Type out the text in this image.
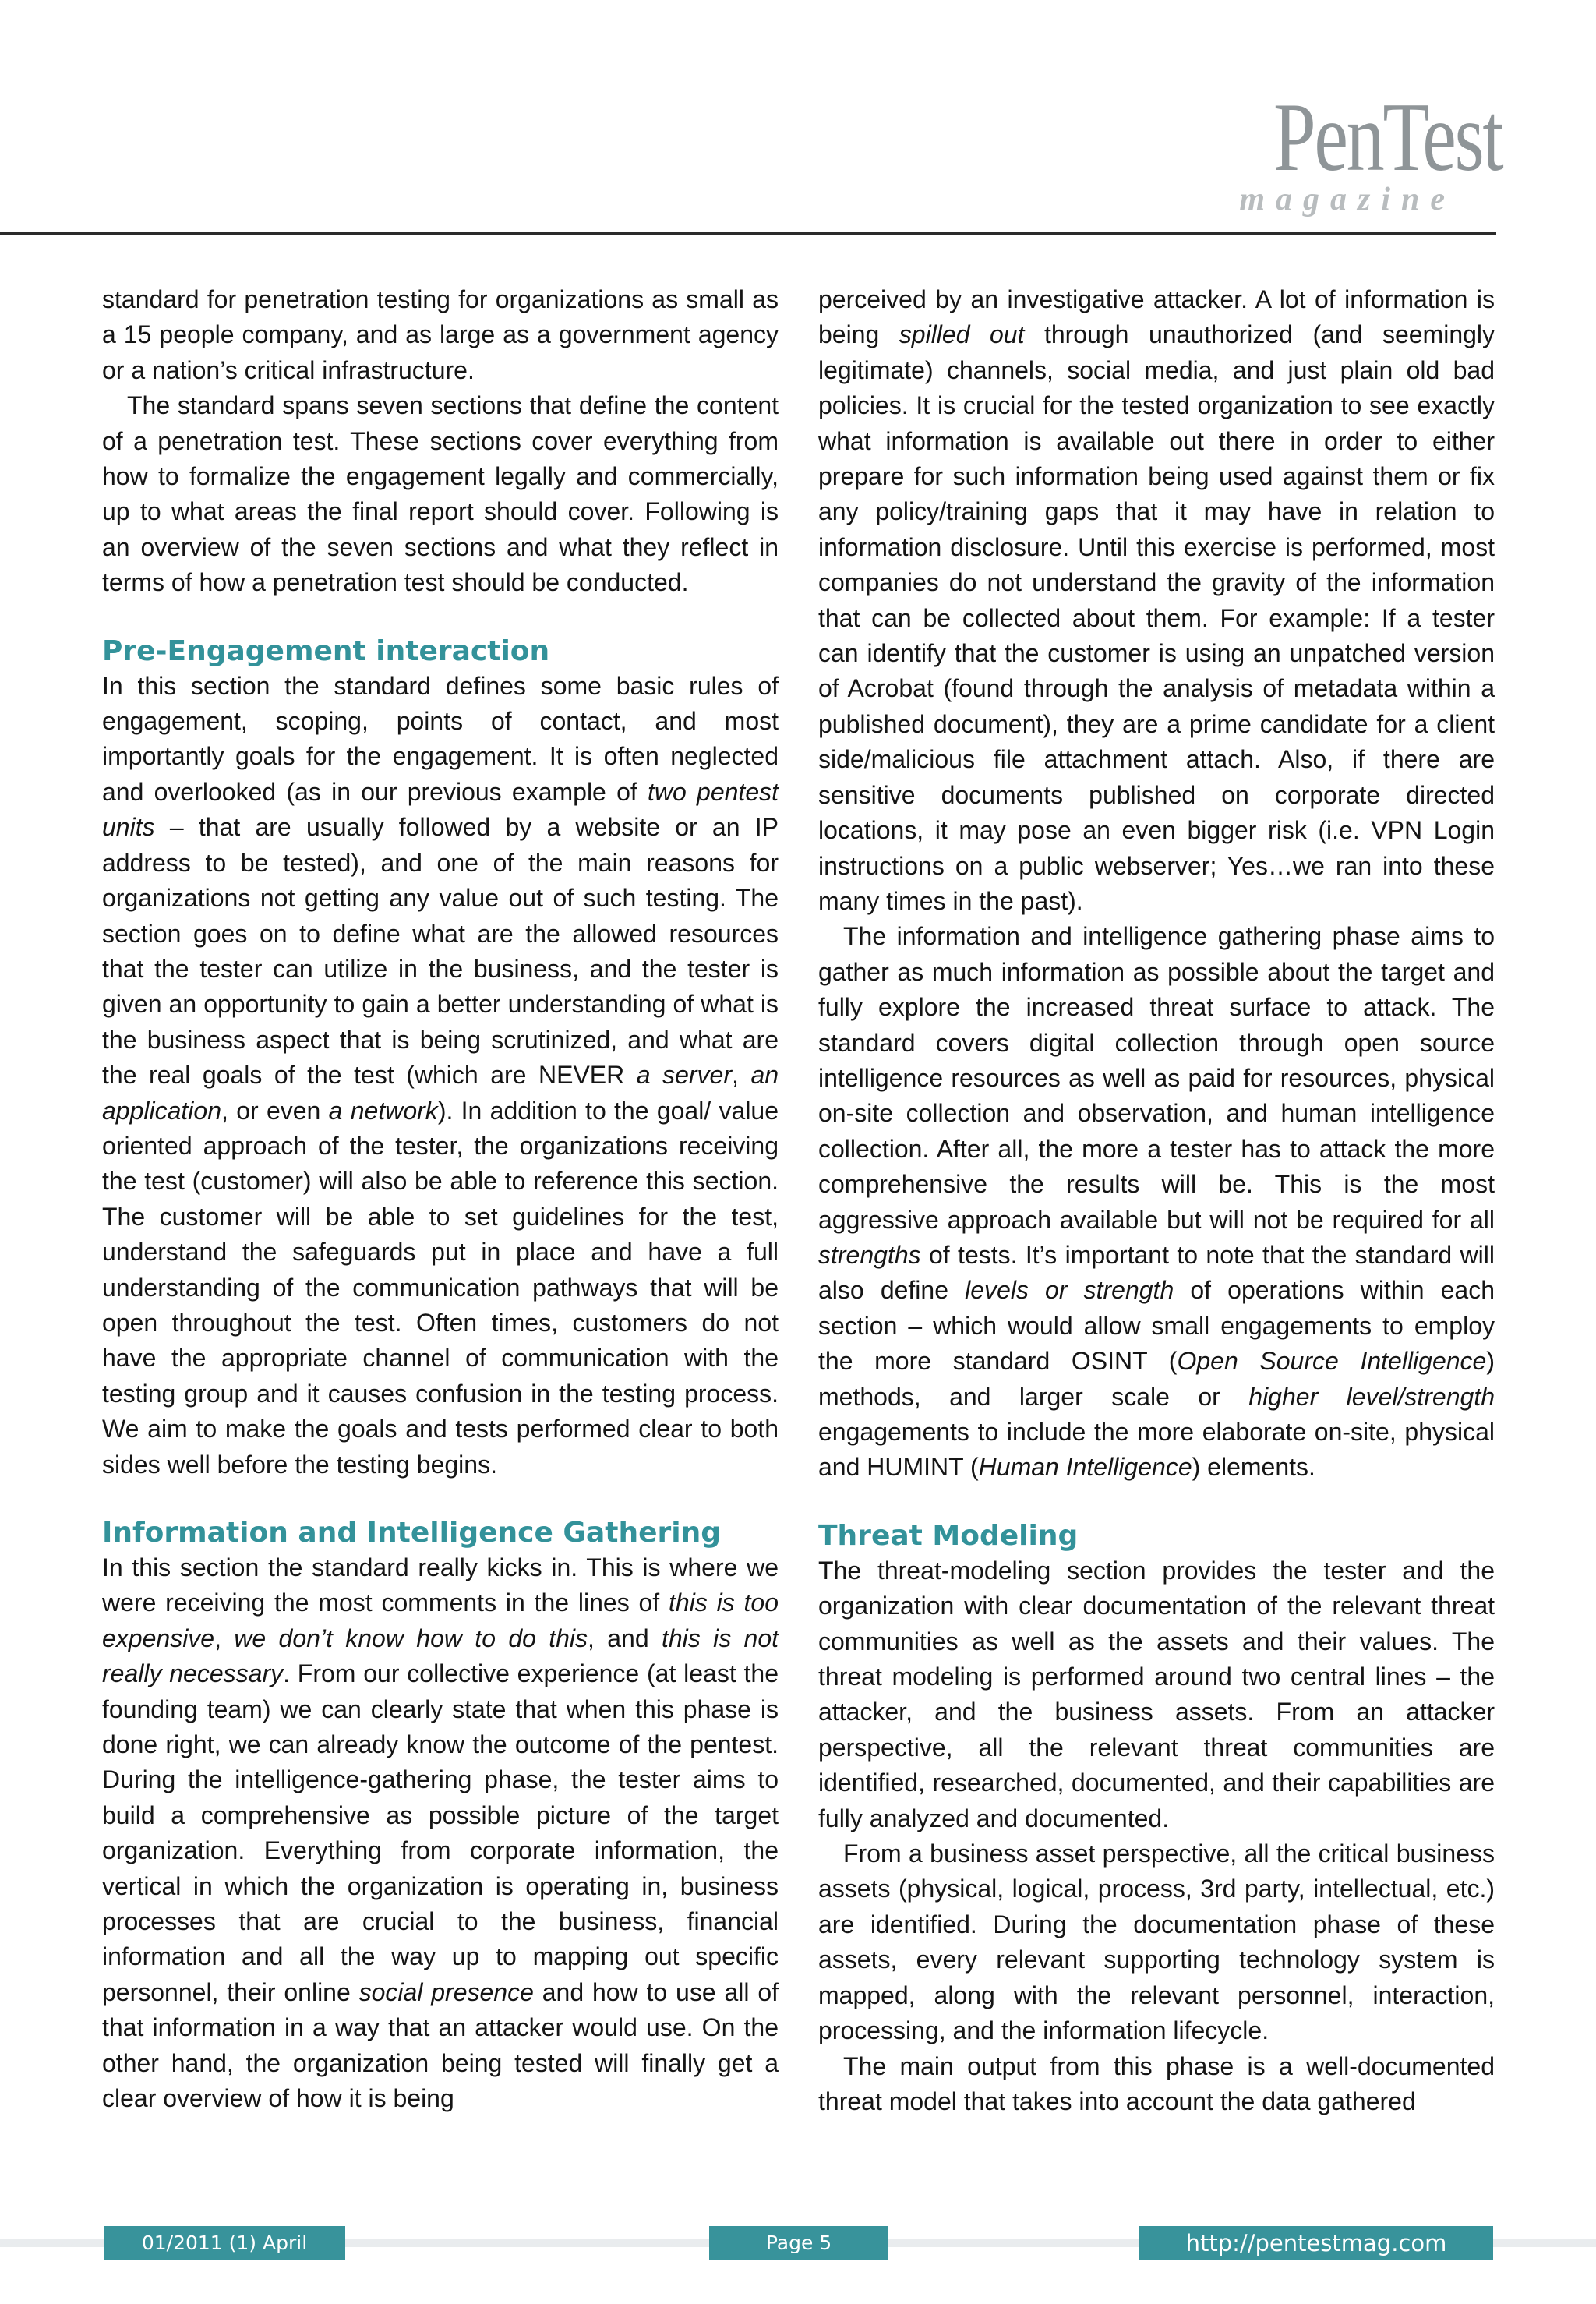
PenTest
magazine

standard for penetration testing for organizations as small as a 15 people company, and as large as a government agency or a nation’s critical infrastructure.

The standard spans seven sections that define the content of a penetration test. These sections cover everything from how to formalize the engagement legally and commercially, up to what areas the final report should cover. Following is an overview of the seven sections and what they reflect in terms of how a penetration test should be conducted.

Pre-Engagement interaction

In this section the standard defines some basic rules of engagement, scoping, points of contact, and most importantly goals for the engagement. It is often neglected and overlooked (as in our previous example of two pentest units – that are usually followed by a website or an IP address to be tested), and one of the main reasons for organizations not getting any value out of such testing. The section goes on to define what are the allowed resources that the tester can utilize in the business, and the tester is given an opportunity to gain a better understanding of what is the business aspect that is being scrutinized, and what are the real goals of the test (which are NEVER a server, an application, or even a network). In addition to the goal/ value oriented approach of the tester, the organizations receiving the test (customer) will also be able to reference this section. The customer will be able to set guidelines for the test, understand the safeguards put in place and have a full understanding of the communication pathways that will be open throughout the test. Often times, customers do not have the appropriate channel of communication with the testing group and it causes confusion in the testing process. We aim to make the goals and tests performed clear to both sides well before the testing begins.

Information and Intelligence Gathering

In this section the standard really kicks in. This is where we were receiving the most comments in the lines of this is too expensive, we don’t know how to do this, and this is not really necessary. From our collective experience (at least the founding team) we can clearly state that when this phase is done right, we can already know the outcome of the pentest. During the intelligence-gathering phase, the tester aims to build a comprehensive as possible picture of the target organization. Everything from corporate information, the vertical in which the organization is operating in, business processes that are crucial to the business, financial information and all the way up to mapping out specific personnel, their online social presence and how to use all of that information in a way that an attacker would use. On the other hand, the organization being tested will finally get a clear overview of how it is being

perceived by an investigative attacker. A lot of information is being spilled out through unauthorized (and seemingly legitimate) channels, social media, and just plain old bad policies. It is crucial for the tested organization to see exactly what information is available out there in order to either prepare for such information being used against them or fix any policy/training gaps that it may have in relation to information disclosure. Until this exercise is performed, most companies do not understand the gravity of the information that can be collected about them. For example: If a tester can identify that the customer is using an unpatched version of Acrobat (found through the analysis of metadata within a published document), they are a prime candidate for a client side/malicious file attachment attach. Also, if there are sensitive documents published on corporate directed locations, it may pose an even bigger risk (i.e. VPN Login instructions on a public webserver; Yes…we ran into these many times in the past).

The information and intelligence gathering phase aims to gather as much information as possible about the target and fully explore the increased threat surface to attack. The standard covers digital collection through open source intelligence resources as well as paid for resources, physical on-site collection and observation, and human intelligence collection. After all, the more a tester has to attack the more comprehensive the results will be. This is the most aggressive approach available but will not be required for all strengths of tests. It’s important to note that the standard will also define levels or strength of operations within each section – which would allow small engagements to employ the more standard OSINT (Open Source Intelligence) methods, and larger scale or higher level/strength engagements to include the more elaborate on-site, physical and HUMINT (Human Intelligence) elements.

Threat Modeling

The threat-modeling section provides the tester and the organization with clear documentation of the relevant threat communities as well as the assets and their values. The threat modeling is performed around two central lines – the attacker, and the business assets. From an attacker perspective, all the relevant threat communities are identified, researched, documented, and their capabilities are fully analyzed and documented.

From a business asset perspective, all the critical business assets (physical, logical, process, 3rd party, intellectual, etc.) are identified. During the documentation phase of these assets, every relevant supporting technology system is mapped, along with the relevant personnel, interaction, processing, and the information lifecycle.

The main output from this phase is a well-documented threat model that takes into account the data gathered

01/2011 (1) April	Page 5	http://pentestmag.com
